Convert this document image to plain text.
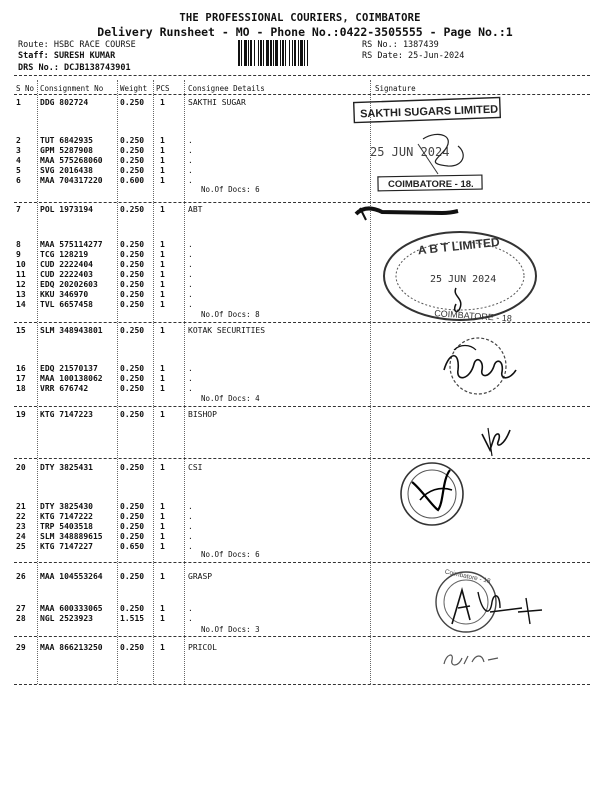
THE PROFESSIONAL COURIERS, COIMBATORE
Delivery Runsheet - MO - Phone No.:0422-3505555 - Page No.:1
Route: HSBC RACE COURSE
Staff: SURESH KUMAR
DRS No.: DCJB138743901
RS No.: 1387439
RS Date: 25-Jun-2024
S No Consignment No Weight PCS Consignee Details	Signature
1 DDG 802724	0.250 1	SAKTHI SUGAR
2 TUT 6842935	0.250 1	.
3 GPM 5287908	0.250 1	.
4 MAA 575268060 0.250 1	.
5 SVG 2016438	0.250 1	.
6 MAA 704317220 0.600 1	.
7 POL 1973194	0.250 1	ABT
8 MAA 575114277 0.250 1	.
9 TCG 128219	0.250 1	.
10 CUD 2222404	0.250 1	.
11 CUD 2222403	0.250 1	.
12 EDQ 20202603	0.250 1	.
13 KKU 346970	0.250 1	.
14 TVL 6657458	0.250 1	.
15 SLM 348943801 0.250 1	KOTAK SECURITIES
16 EDQ 21570137	0.250 1	.
17 MAA 100138062 0.250 1	.
18 VRR 676742	0.250 1	.
19 KTG 7147223	0.250 1	BISHOP
20 DTY 3825431	0.250 1	CSI
21 DTY 3825430	0.250 1	.
22 KTG 7147222	0.250 1	.
23 TRP 5403518	0.250 1	.
24 SLM 348889615 0.250 1	.
25 KTG 7147227	0.650 1	.
26 MAA 104553264 0.250 1	GRASP
27 MAA 600333065 0.250 1	.
28 NGL 2523923	1.515 1	.
29 MAA 866213250 0.250 1	PRICOL
No.Of Docs: 6
No.Of Docs: 8
No.Of Docs: 4
No.Of Docs: 6
No.Of Docs: 3
SAKTHI SUGARS LIMITED
25 JUN 2024
COIMBATORE - 18.
A B T LIMITED
25 JUN 2024
COIMBATORE - 18
Coimbatore - 18
